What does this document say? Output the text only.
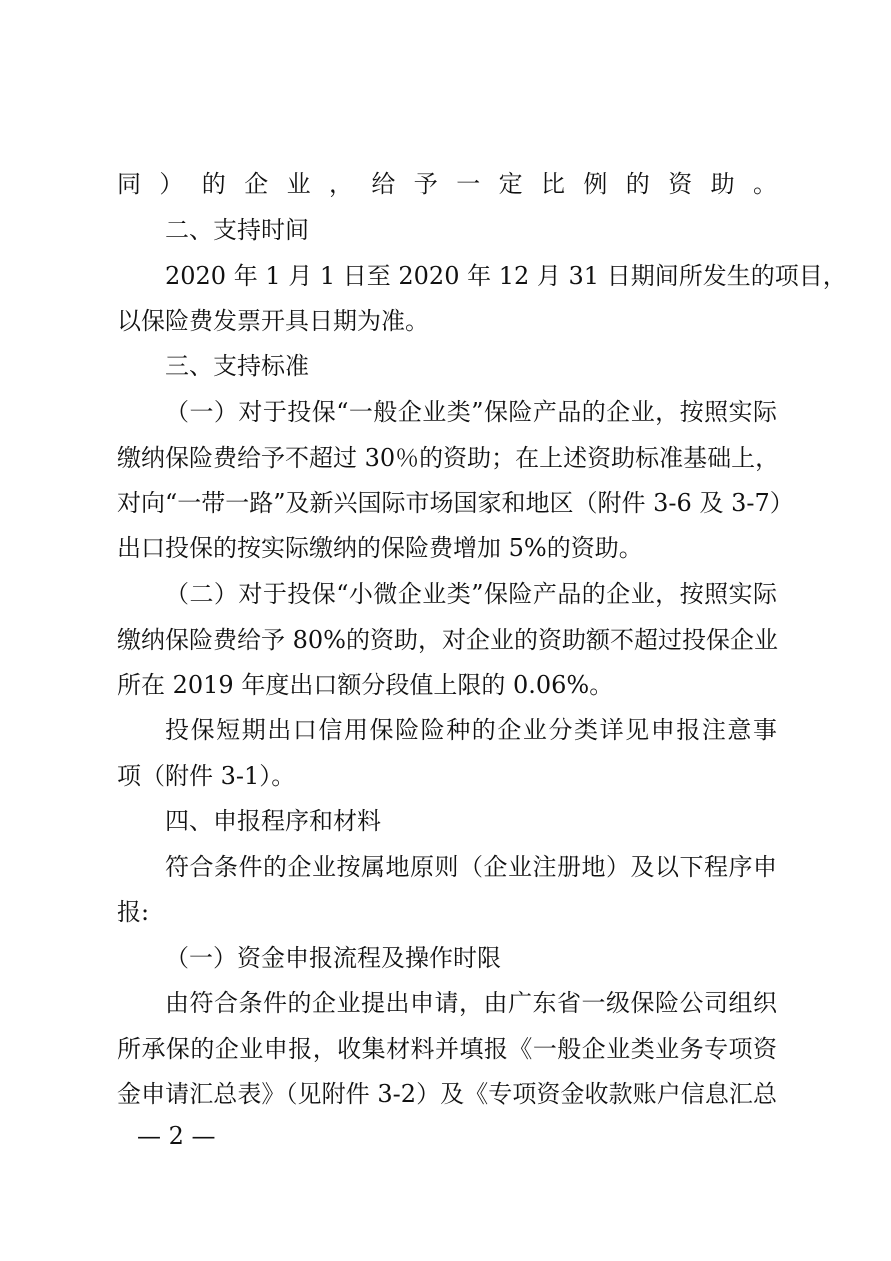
同）的企业，给予一定比例的资助。

二、支持时间

2020 年 1 月 1 日至 2020 年 12 月 31 日期间所发生的项目，

以保险费发票开具日期为准。

三、支持标准

（一）对于投保“一般企业类”保险产品的企业，按照实际

缴纳保险费给予不超过 30％的资助；在上述资助标准基础上，

对向“一带一路”及新兴国际市场国家和地区（附件 3-6 及 3-7）

出口投保的按实际缴纳的保险费增加 5%的资助。

（二）对于投保“小微企业类”保险产品的企业，按照实际

缴纳保险费给予 80%的资助，对企业的资助额不超过投保企业

所在 2019 年度出口额分段值上限的 0.06%。

投保短期出口信用保险险种的企业分类详见申报注意事

项（附件 3-1）。

四、申报程序和材料

符合条件的企业按属地原则（企业注册地）及以下程序申

报:

（一）资金申报流程及操作时限

由符合条件的企业提出申请，由广东省一级保险公司组织

所承保的企业申报，收集材料并填报《一般企业类业务专项资

金申请汇总表》（见附件 3-2）及《专项资金收款账户信息汇总

— 2 —
